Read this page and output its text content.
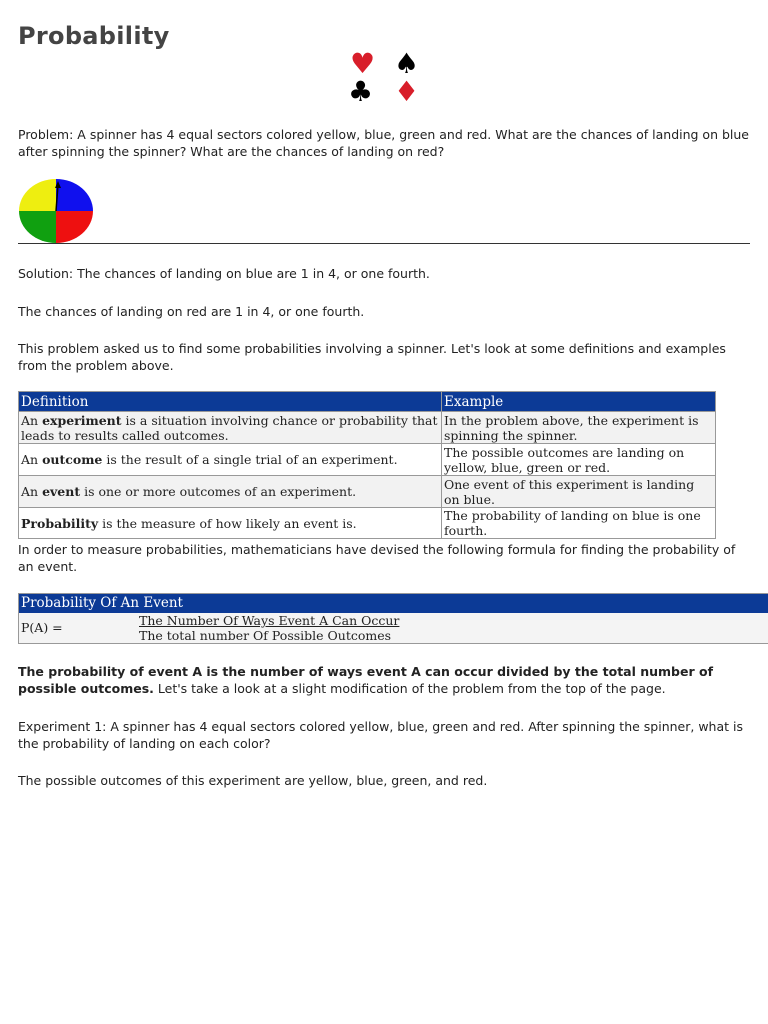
Probability
♥ ♠
♣ ♦

Problem: A spinner has 4 equal sectors colored yellow, blue, green and red. What are the chances of landing on blue after spinning the spinner? What are the chances of landing on red?

Solution: The chances of landing on blue are 1 in 4, or one fourth.

The chances of landing on red are 1 in 4, or one fourth.

This problem asked us to find some probabilities involving a spinner. Let's look at some definitions and examples from the problem above.

Definition	Example
An experiment is a situation involving chance or probability that leads to results called outcomes.	In the problem above, the experiment is spinning the spinner.
An outcome is the result of a single trial of an experiment.	The possible outcomes are landing on yellow, blue, green or red.
An event is one or more outcomes of an experiment.	One event of this experiment is landing on blue.
Probability is the measure of how likely an event is.	The probability of landing on blue is one fourth.

In order to measure probabilities, mathematicians have devised the following formula for finding the probability of an event.

Probability Of An Event
P(A) =	The Number Of Ways Event A Can Occur
The total number Of Possible Outcomes

The probability of event A is the number of ways event A can occur divided by the total number of possible outcomes. Let's take a look at a slight modification of the problem from the top of the page.

Experiment 1: A spinner has 4 equal sectors colored yellow, blue, green and red. After spinning the spinner, what is the probability of landing on each color?

The possible outcomes of this experiment are yellow, blue, green, and red.
